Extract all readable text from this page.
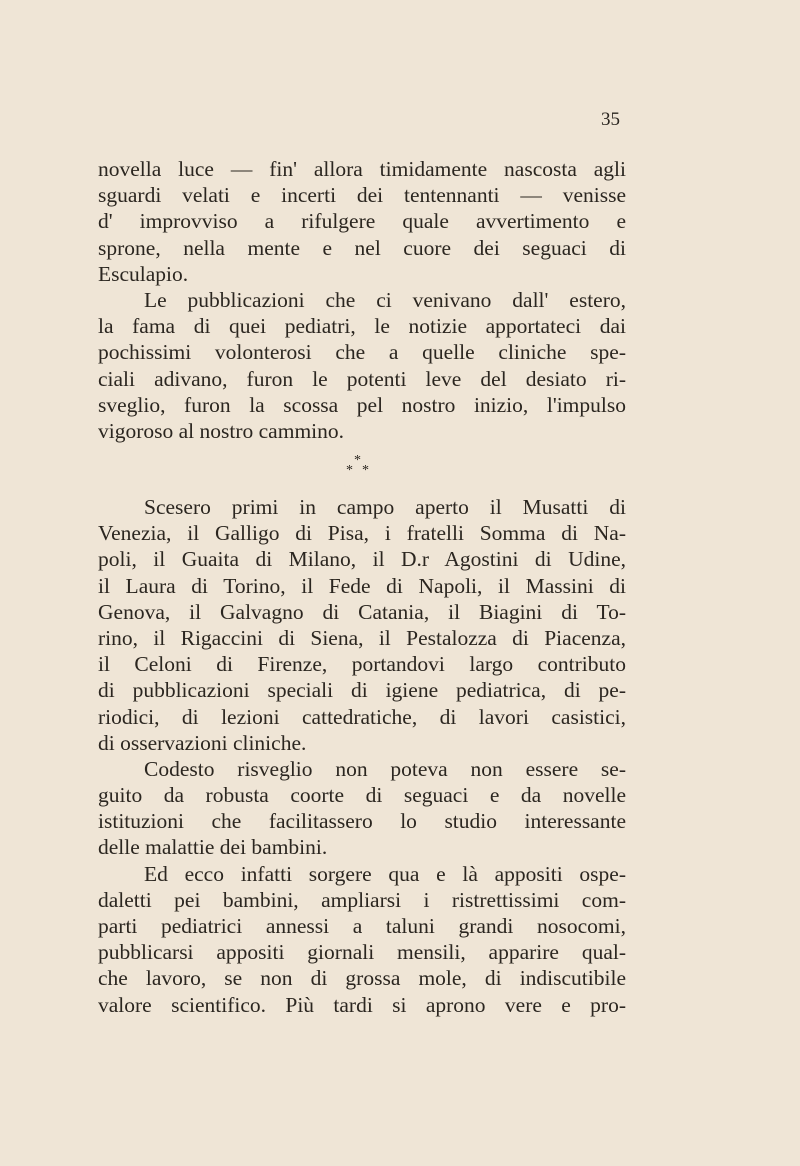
35
novella luce — fin' allora timidamente nascosta agli
sguardi velati e incerti dei tentennanti — venisse
d' improvviso a rifulgere quale avvertimento e
sprone, nella mente e nel cuore dei seguaci di
Esculapio.
Le pubblicazioni che ci venivano dall' estero,
la fama di quei pediatri, le notizie apportateci dai
pochissimi volonterosi che a quelle cliniche spe-
ciali adivano, furon le potenti leve del desiato ri-
sveglio, furon la scossa pel nostro inizio, l'impulso
vigoroso al nostro cammino.
*
* *
Scesero primi in campo aperto il Musatti di
Venezia, il Galligo di Pisa, i fratelli Somma di Na-
poli, il Guaita di Milano, il D.r Agostini di Udine,
il Laura di Torino, il Fede di Napoli, il Massini di
Genova, il Galvagno di Catania, il Biagini di To-
rino, il Rigaccini di Siena, il Pestalozza di Piacenza,
il Celoni di Firenze, portandovi largo contributo
di pubblicazioni speciali di igiene pediatrica, di pe-
riodici, di lezioni cattedratiche, di lavori casistici,
di osservazioni cliniche.
Codesto risveglio non poteva non essere se-
guito da robusta coorte di seguaci e da novelle
istituzioni che facilitassero lo studio interessante
delle malattie dei bambini.
Ed ecco infatti sorgere qua e là appositi ospe-
daletti pei bambini, ampliarsi i ristrettissimi com-
parti pediatrici annessi a taluni grandi nosocomi,
pubblicarsi appositi giornali mensili, apparire qual-
che lavoro, se non di grossa mole, di indiscutibile
valore scientifico. Più tardi si aprono vere e pro-
